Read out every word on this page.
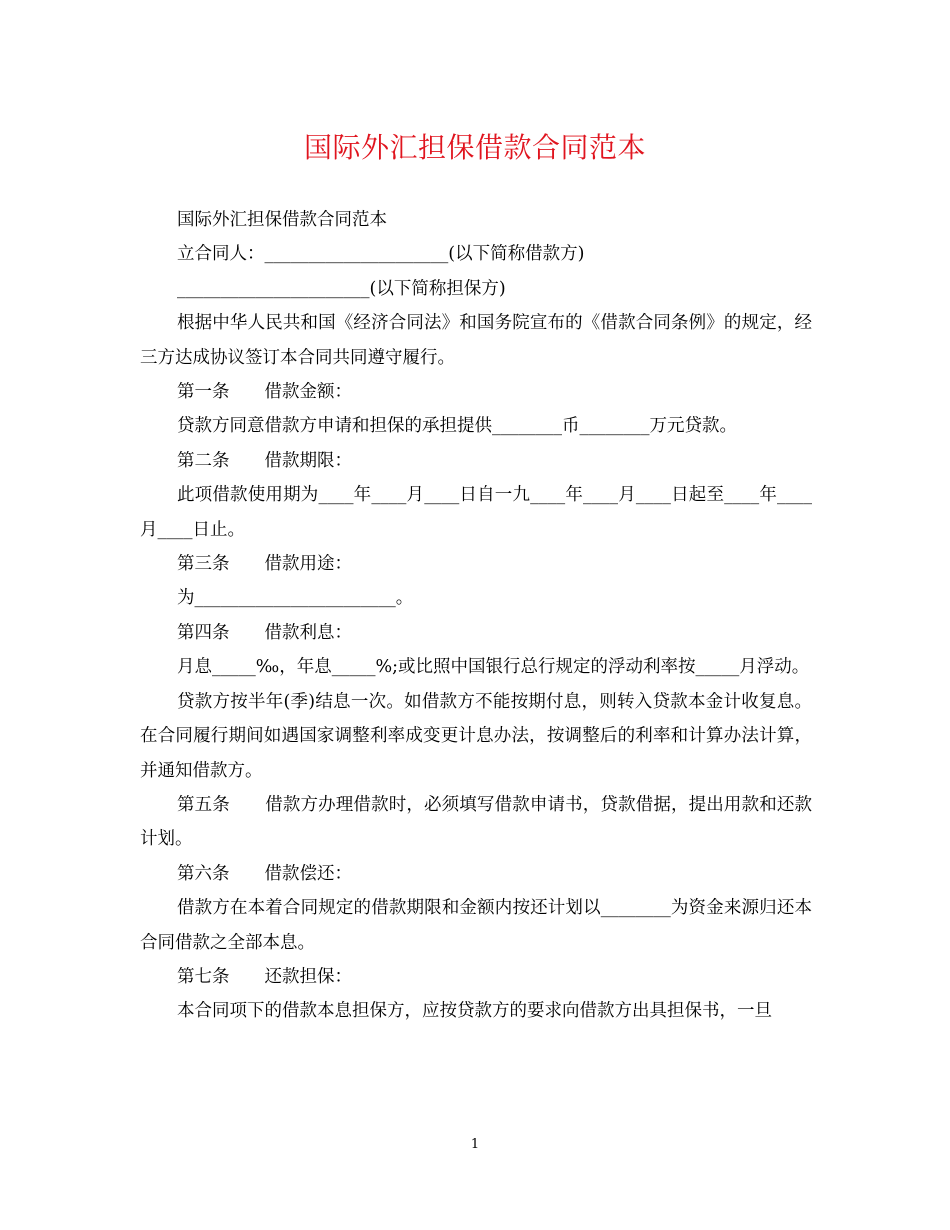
国际外汇担保借款合同范本

国际外汇担保借款合同范本

立合同人：_____________________(以下简称借款方)

______________________(以下简称担保方)

根据中华人民共和国《经济合同法》和国务院宣布的《借款合同条例》的规定，经三方达成协议签订本合同共同遵守履行。

第一条　　借款金额：

贷款方同意借款方申请和担保的承担提供________币________万元贷款。

第二条　　借款期限：

此项借款使用期为____年____月____日自一九____年____月____日起至____年____月____日止。

第三条　　借款用途：

为_______________________。

第四条　　借款利息：

月息_____‰，年息_____%;或比照中国银行总行规定的浮动利率按_____月浮动。

贷款方按半年(季)结息一次。如借款方不能按期付息，则转入贷款本金计收复息。在合同履行期间如遇国家调整利率成变更计息办法，按调整后的利率和计算办法计算，并通知借款方。

第五条　　借款方办理借款时，必须填写借款申请书，贷款借据，提出用款和还款计划。

第六条　　借款偿还：

借款方在本着合同规定的借款期限和金额内按还计划以________为资金来源归还本合同借款之全部本息。

第七条　　还款担保：

本合同项下的借款本息担保方，应按贷款方的要求向借款方出具担保书，一旦

1
